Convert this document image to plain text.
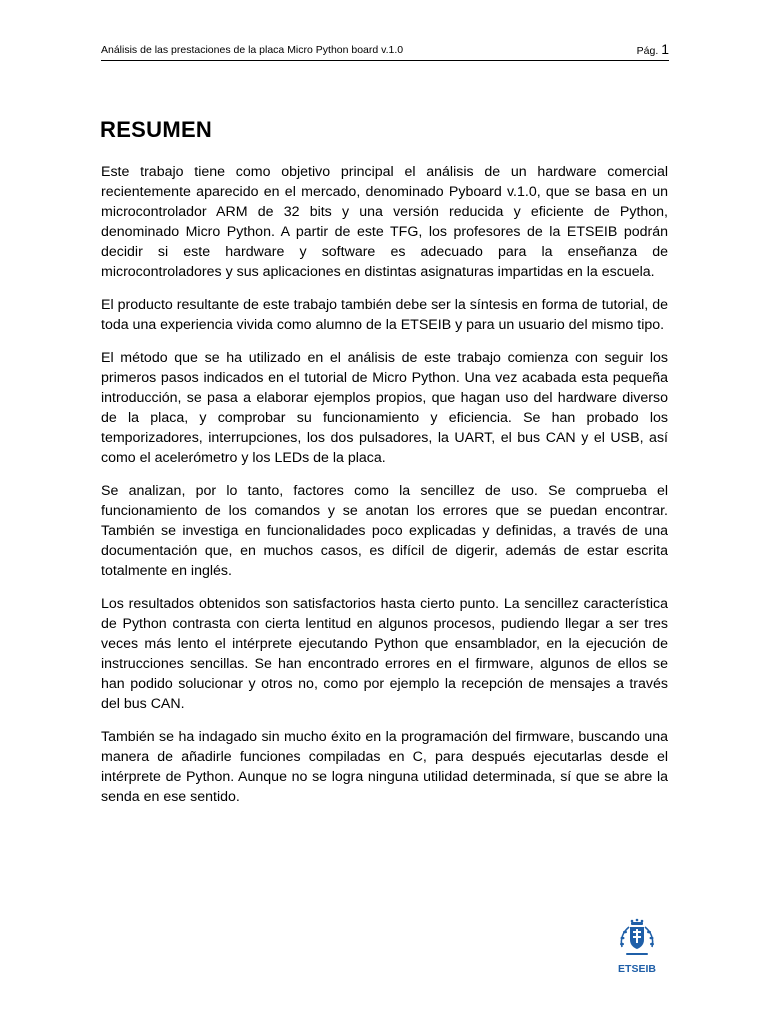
Análisis de las prestaciones de la placa Micro Python board v.1.0	Pág. 1
RESUMEN
Este trabajo tiene como objetivo principal el análisis de un hardware comercial
recientemente aparecido en el mercado, denominado Pyboard v.1.0, que se basa en un
microcontrolador ARM de 32 bits y una versión reducida y eficiente de Python,
denominado Micro Python. A partir de este TFG, los profesores de la ETSEIB podrán
decidir si este hardware y software es adecuado para la enseñanza de
microcontroladores y sus aplicaciones en distintas asignaturas impartidas en la escuela.
El producto resultante de este trabajo también debe ser la síntesis en forma de tutorial, de
toda una experiencia vivida como alumno de la ETSEIB y para un usuario del mismo tipo.
El método que se ha utilizado en el análisis de este trabajo comienza con seguir los
primeros pasos indicados en el tutorial de Micro Python. Una vez acabada esta pequeña
introducción, se pasa a elaborar ejemplos propios, que hagan uso del hardware diverso
de la placa, y comprobar su funcionamiento y eficiencia. Se han probado los
temporizadores, interrupciones, los dos pulsadores, la UART, el bus CAN y el USB, así
como el acelerómetro y los LEDs de la placa.
Se analizan, por lo tanto, factores como la sencillez de uso. Se comprueba el
funcionamiento de los comandos y se anotan los errores que se puedan encontrar.
También se investiga en funcionalidades poco explicadas y definidas, a través de una
documentación que, en muchos casos, es difícil de digerir, además de estar escrita
totalmente en inglés.
Los resultados obtenidos son satisfactorios hasta cierto punto. La sencillez característica
de Python contrasta con cierta lentitud en algunos procesos, pudiendo llegar a ser tres
veces más lento el intérprete ejecutando Python que ensamblador, en la ejecución de
instrucciones sencillas. Se han encontrado errores en el firmware, algunos de ellos se
han podido solucionar y otros no, como por ejemplo la recepción de mensajes a través
del bus CAN.
También se ha indagado sin mucho éxito en la programación del firmware, buscando una
manera de añadirle funciones compiladas en C, para después ejecutarlas desde el
intérprete de Python. Aunque no se logra ninguna utilidad determinada, sí que se abre la
senda en ese sentido.
ETSEIB
